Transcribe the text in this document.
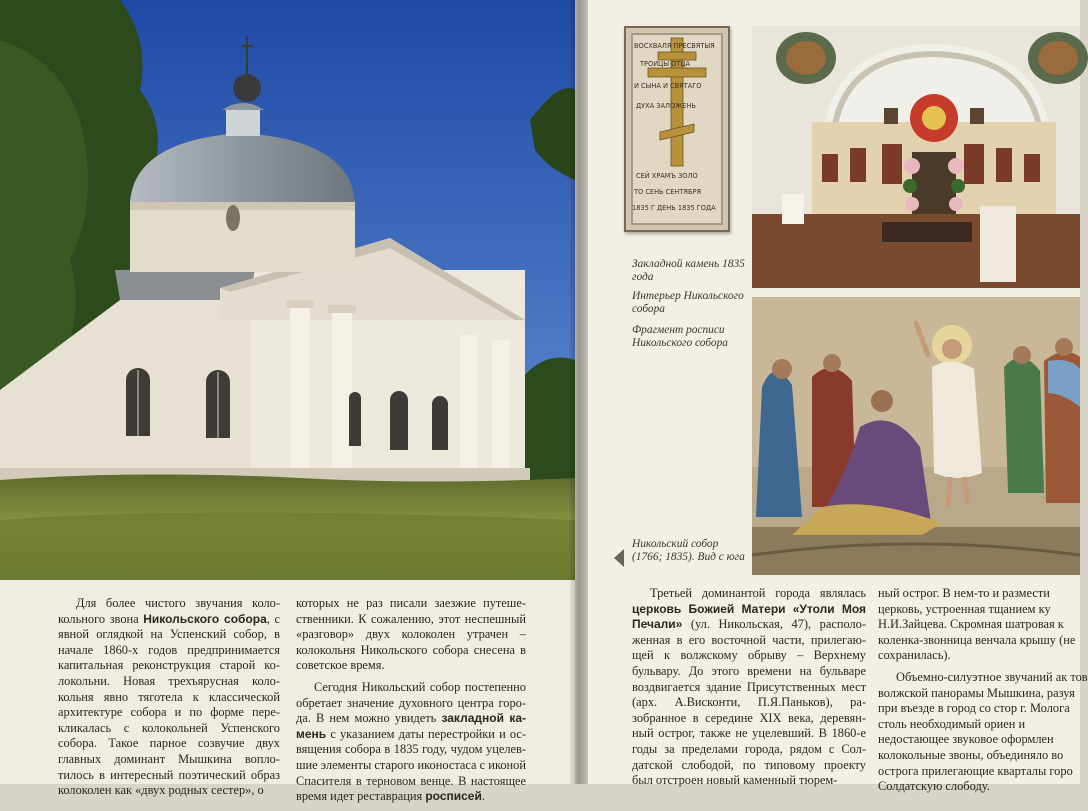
Для более чистого звучания колокольного звона Никольского собора, с явной оглядкой на Успенский собор, в начале 1860-х годов предпринимается капитальная реконструкция старой колокольни. Новая трехъярусная колокольня явно тяготела к классической архитектуре собора и по форме перекликалась с колокольней Успенского собора. Такое парное созвучие двух главных доминант Мышкина воплотилось в интересный поэтический образ колоколен как «двух родных сестер», о

которых не раз писали заезжие путешественники. К сожалению, этот неспешный «разговор» двух колоколен утрачен – колокольня Никольского собора снесена в советское время.

Сегодня Никольский собор постепенно обретает значение духовного центра города. В нем можно увидеть закладной камень с указанием даты перестройки и освящения собора в 1835 году, чудом уцелевшие элементы старого иконостаса с иконой Спасителя в терновом венце. В настоящее время идет реставрация росписей.

ВОСХВАЛЯ ПРЕСВЯТЫЯ
ТРОИЦЫ ОТЦА
И СЫНА И СВЯТАГО
ДУХА ЗАЛОЖЕНЬ
СЕЙ ХРАМЪ ЗОЛО
ТО СЕНЬ СЕНТЯБРЯ
1835 Г ДЕНЬ 1835 ГОДА
Закладной камень 1835 года
Интерьер Никольского собора
Фрагмент росписи Никольского собора
Никольский собор (1766; 1835). Вид с юга

Третьей доминантой города являлась церковь Божией Матери «Утоли Моя Печали» (ул. Никольская, 47), расположенная в его восточной части, прилегающей к волжскому обрыву – Верхнему бульвару. До этого времени на бульваре воздвигается здание Присутственных мест (арх. А.Висконти, П.Я.Паньков), разобранное в середине XIX века, деревянный острог, также не уцелевший. В 1860-е годы за пределами города, рядом с Солдатской слободой, по типовому проекту был отстроен новый каменный тюрем-

ный острог. В нем-то и размести церковь, устроенная тщанием ку Н.И.Зайцева. Скромная шатровая к коленка-звонница венчала крышу (не сохранилась).

Объемно-силуэтное звучаний ак тов волжской панорамы Мышкина, разуя при въезде в город со стор г. Молога столь необходимый ориен и недостающее звуковое оформлен колокольные звоны, объединяло во острога прилегающие кварталы горо Солдатскую слободу.
